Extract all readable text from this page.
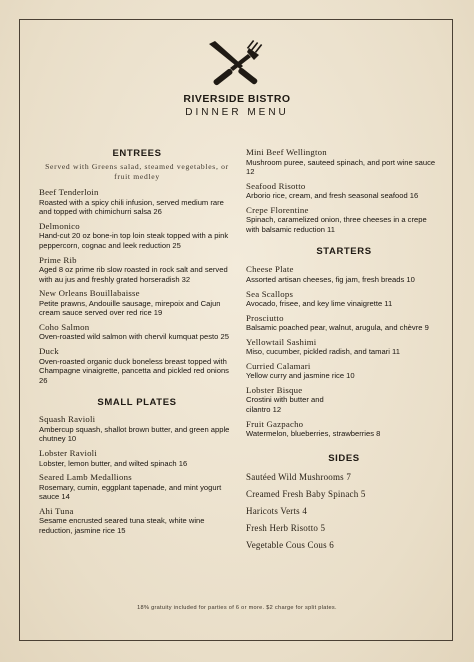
RIVERSIDE BISTRO
DINNER MENU
ENTREES
Served with Greens salad, steamed vegetables, or fruit medley
Beef Tenderloin
Roasted with a spicy chili infusion, served medium rare and topped with chimichurri salsa 26
Delmonico
Hand-cut 20 oz bone-in top loin steak topped with a pink peppercorn, cognac and leek reduction 25
Prime Rib
Aged 8 oz prime rib slow roasted in rock salt and served with au jus and freshly grated horseradish 32
New Orleans Bouillabaisse
Petite prawns, Andouille sausage, mirepoix and Cajun cream sauce served over red rice 19
Coho Salmon
Oven-roasted wild salmon with chervil kumquat pesto 25
Duck
Oven-roasted organic duck boneless breast topped with Champagne vinaigrette, pancetta and pickled red onions 26
SMALL PLATES
Squash Ravioli
Ambercup squash, shallot brown butter, and green apple chutney 10
Lobster Ravioli
Lobster, lemon butter, and wilted spinach 16
Seared Lamb Medallions
Rosemary, cumin, eggplant tapenade, and mint yogurt sauce 14
Ahi Tuna
Sesame encrusted seared tuna steak, white wine reduction, jasmine rice 15
Mini Beef Wellington
Mushroom puree, sauteed spinach, and port wine sauce 12
Seafood Risotto
Arborio rice, cream, and fresh seasonal seafood 16
Crepe Florentine
Spinach, caramelized onion, three cheeses in a crepe with balsamic reduction 11
STARTERS
Cheese Plate
Assorted artisan cheeses, fig jam, fresh breads 10
Sea Scallops
Avocado, frisee, and key lime vinaigrette 11
Prosciutto
Balsamic poached pear, walnut, arugula, and chèvre 9
Yellowtail Sashimi
Miso, cucumber, pickled radish, and tamari 11
Curried Calamari
Yellow curry and jasmine rice 10
Lobster Bisque
Crostini with butter and cilantro 12
Fruit Gazpacho
Watermelon, blueberries, strawberries 8
SIDES
Sautéed Wild Mushrooms 7
Creamed Fresh Baby Spinach 5
Haricots Verts 4
Fresh Herb Risotto 5
Vegetable Cous Cous 6
18% gratuity included for parties of 6 or more. $2 charge for split plates.
